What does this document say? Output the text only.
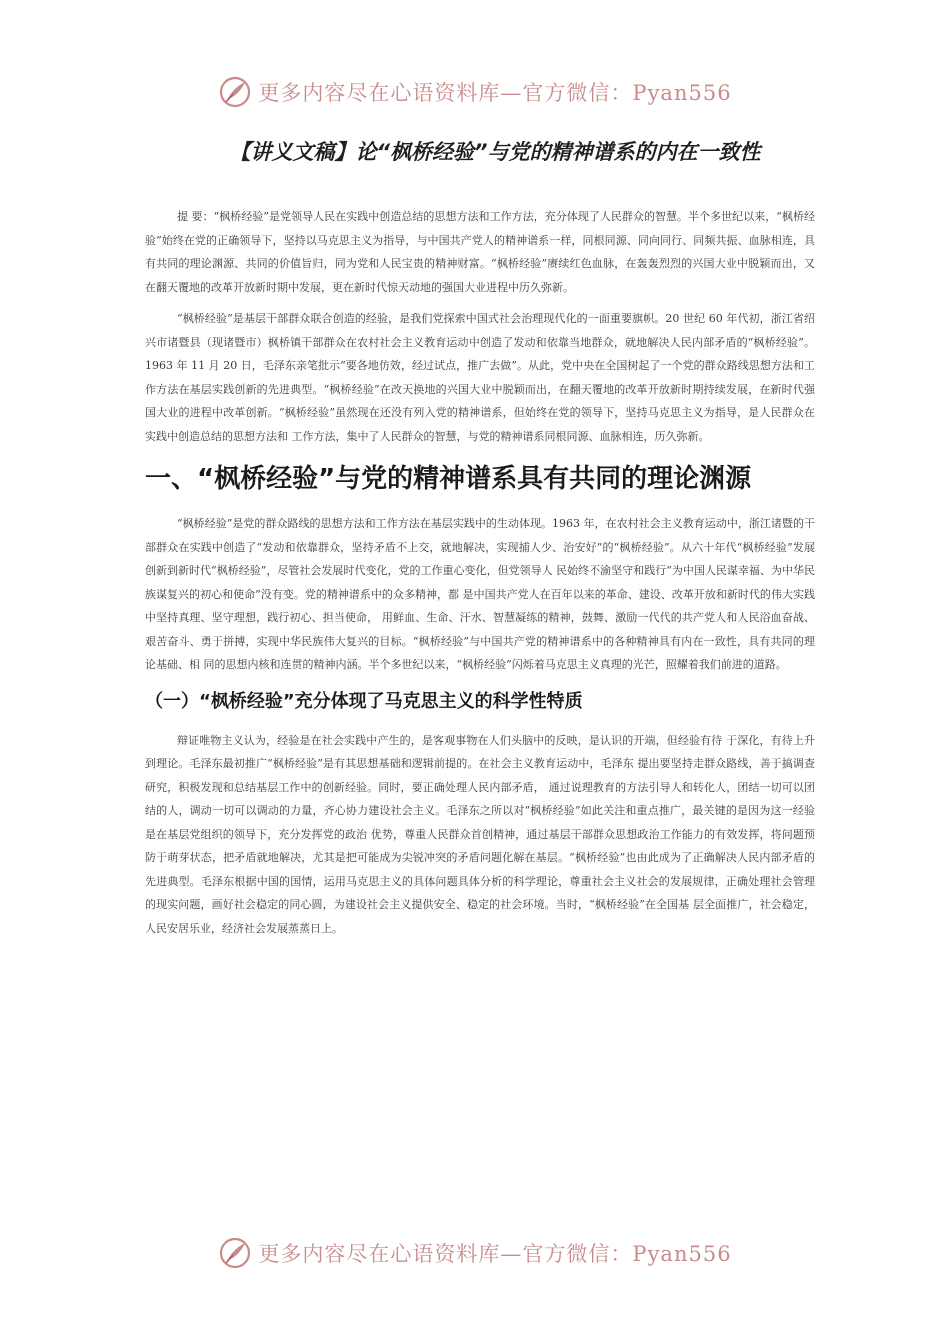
更多内容尽在心语资料库—官方微信：Pyan556
【讲义文稿】论“枫桥经验”与党的精神谱系的内在一致性

提 要：“枫桥经验”是党领导人民在实践中创造总结的思想方法和工作方法，充分体现了人民群众的智慧。半个多世纪以来，“枫桥经验”始终在党的正确领导下，坚持以马克思主义为指导，与中国共产党人的精神谱系一样，同根同源、同向同行、同频共振、血脉相连，具有共同的理论渊源、共同的价值旨归，同为党和人民宝贵的精神财富。“枫桥经验”赓续红色血脉，在轰轰烈烈的兴国大业中脱颖而出，又在翻天覆地的改革开放新时期中发展，更在新时代惊天动地的强国大业进程中历久弥新。

“枫桥经验”是基层干部群众联合创造的经验，是我们党探索中国式社会治理现代化的一面重要旗帜。20 世纪 60 年代初，浙江省绍兴市诸暨县（现诸暨市）枫桥镇干部群众在农村社会主义教育运动中创造了发动和依靠当地群众，就地解决人民内部矛盾的“枫桥经验”。1963 年 11 月 20 日，毛泽东亲笔批示“要各地仿效，经过试点，推广去做”。从此，党中央在全国树起了一个党的群众路线思想方法和工作方法在基层实践创新的先进典型。“枫桥经验”在改天换地的兴国大业中脱颖而出，在翻天覆地的改革开放新时期持续发展，在新时代强国大业的进程中改革创新。“枫桥经验”虽然现在还没有列入党的精神谱系，但始终在党的领导下，坚持马克思主义为指导，是人民群众在实践中创造总结的思想方法和 工作方法，集中了人民群众的智慧，与党的精神谱系同根同源、血脉相连，历久弥新。

一、“枫桥经验”与党的精神谱系具有共同的理论渊源

“枫桥经验”是党的群众路线的思想方法和工作方法在基层实践中的生动体现。1963 年，在农村社会主义教育运动中，浙江诸暨的干部群众在实践中创造了“发动和依靠群众，坚持矛盾不上交，就地解决，实现捕人少、治安好”的“枫桥经验”。从六十年代“枫桥经验”发展创新到新时代“枫桥经验”，尽管社会发展时代变化，党的工作重心变化，但党领导人 民始终不渝坚守和践行“为中国人民谋幸福、为中华民族谋复兴的初心和使命”没有变。党的精神谱系中的众多精神，都 是中国共产党人在百年以来的革命、建设、改革开放和新时代的伟大实践中坚持真理、坚守理想，践行初心、担当使命， 用鲜血、生命、汗水、智慧凝练的精神，鼓舞、激励一代代的共产党人和人民浴血奋战、艰苦奋斗、勇于拼搏，实现中华民族伟大复兴的目标。“枫桥经验”与中国共产党的精神谱系中的各种精神具有内在一致性，具有共同的理论基础、相 同的思想内核和连贯的精神内涵。半个多世纪以来，“枫桥经验”闪烁着马克思主义真理的光芒，照耀着我们前进的道路。

（一）“枫桥经验”充分体现了马克思主义的科学性特质

辩证唯物主义认为，经验是在社会实践中产生的，是客观事物在人们头脑中的反映，是认识的开端，但经验有待 于深化，有待上升到理论。毛泽东最初推广“枫桥经验”是有其思想基础和逻辑前提的。在社会主义教育运动中，毛泽东 提出要坚持走群众路线，善于搞调查研究，积极发现和总结基层工作中的创新经验。同时，要正确处理人民内部矛盾， 通过说理教育的方法引导人和转化人，团结一切可以团结的人，调动一切可以调动的力量，齐心协力建设社会主义。毛泽东之所以对“枫桥经验”如此关注和重点推广，最关键的是因为这一经验是在基层党组织的领导下，充分发挥党的政治 优势，尊重人民群众首创精神，通过基层干部群众思想政治工作能力的有效发挥，将问题预防于萌芽状态，把矛盾就地解决，尤其是把可能成为尖锐冲突的矛盾问题化解在基层。“枫桥经验”也由此成为了正确解决人民内部矛盾的先进典型。毛泽东根据中国的国情，运用马克思主义的具体问题具体分析的科学理论，尊重社会主义社会的发展规律，正确处理社会管理的现实问题，画好社会稳定的同心圆，为建设社会主义提供安全、稳定的社会环境。当时，“枫桥经验”在全国基 层全面推广，社会稳定，人民安居乐业，经济社会发展蒸蒸日上。

更多内容尽在心语资料库—官方微信：Pyan556
